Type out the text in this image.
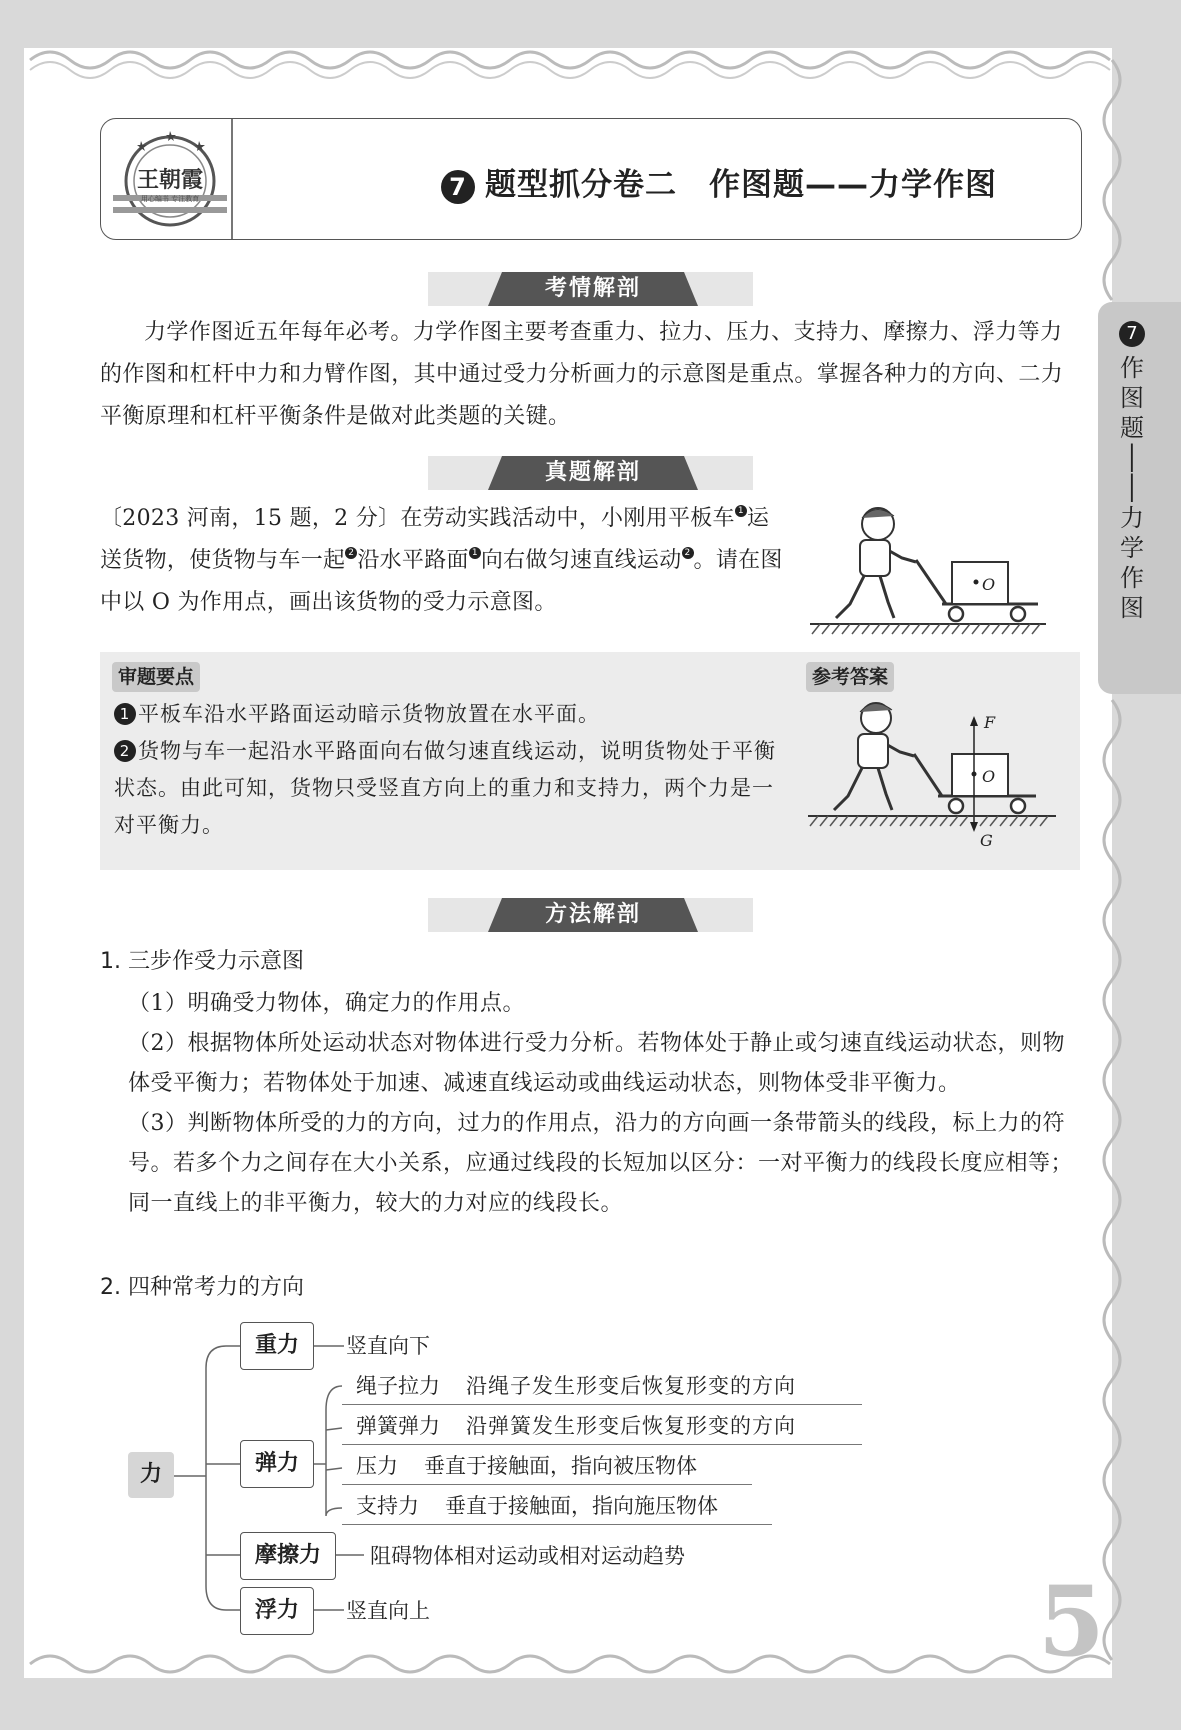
王朝霞
用心编书 专注教育	7 题型抓分卷二　作图题——力学作图
7
作
图
题
│
│
力
学
作
图
考情解剖
力学作图近五年每年必考。力学作图主要考查重力、拉力、压力、支持力、摩擦力、浮力等力的作图和杠杆中力和力臂作图，其中通过受力分析画力的示意图是重点。掌握各种力的方向、二力平衡原理和杠杆平衡条件是做对此类题的关键。
真题解剖
〔2023 河南，15 题，2 分〕在劳动实践活动中，小刚用平板车 $^1$ 运送货物，使货物与车一起 $^2$ 沿水平路面 $^1$ 向右做匀速直线运动 $^2$ 。请在图中以 O 为作用点，画出该货物的受力示意图。
O
审题要点	参考答案
1 平板车沿水平路面运动暗示货物放置在水平面。
2 货物与车一起沿水平路面向右做匀速直线运动，说明货物处于平衡状态。由此可知，货物只受竖直方向上的重力和支持力，两个力是一对平衡力。
F
O
G
方法解剖
1. 三步作受力示意图
（1）明确受力物体，确定力的作用点。
（2）根据物体所处运动状态对物体进行受力分析。若物体处于静止或匀速直线运动状态，则物体受平衡力；若物体处于加速、减速直线运动或曲线运动状态，则物体受非平衡力。
（3）判断物体所受的力的方向，过力的作用点，沿力的方向画一条带箭头的线段，标上力的符号。若多个力之间存在大小关系，应通过线段的长短加以区分：一对平衡力的线段长度应相等；同一直线上的非平衡力，较大的力对应的线段长。
2. 四种常考力的方向
力
重力	竖直向下
弹力
绳子拉力 沿绳子发生形变后恢复形变的方向
弹簧弹力 沿弹簧发生形变后恢复形变的方向
压力 垂直于接触面，指向被压物体
支持力 垂直于接触面，指向施压物体
摩擦力	阻碍物体相对运动或相对运动趋势
浮力	竖直向上	5
